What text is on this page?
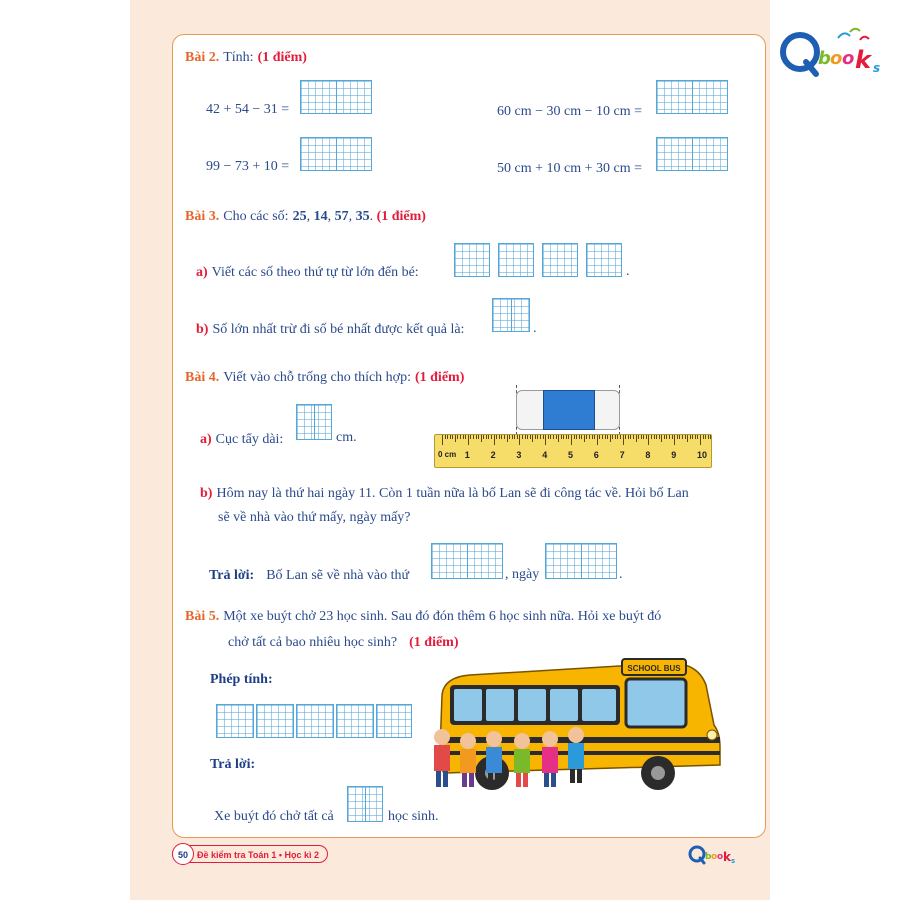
b o o k s
Bài 2. Tính: (1 điểm)
42 + 54 − 31 =	60 cm − 30 cm − 10 cm =
99 − 73 + 10 =	50 cm + 10 cm + 30 cm =
Bài 3. Cho các số: 25, 14, 57, 35. (1 điểm)
a) Viết các số theo thứ tự từ lớn đến bé:	.
b) Số lớn nhất trừ đi số bé nhất được kết quả là:	.
Bài 4. Viết vào chỗ trống cho thích hợp: (1 điểm)
a) Cục tẩy dài:	cm.
0 cm 1 2 3 4 5 6 7 8 9 10
b) Hôm nay là thứ hai ngày 11. Còn 1 tuần nữa là bố Lan sẽ đi công tác về. Hỏi bố Lan
sẽ về nhà vào thứ mấy, ngày mấy?
Trả lời: Bố Lan sẽ về nhà vào thứ	, ngày	.
Bài 5. Một xe buýt chở 23 học sinh. Sau đó đón thêm 6 học sinh nữa. Hỏi xe buýt đó
chở tất cả bao nhiêu học sinh? (1 điểm)
Phép tính:
Trả lời:
Xe buýt đó chở tất cả	học sinh.
SCHOOL BUS
Đề kiểm tra Toán 1 • Học kì 2
50	b o o k s
